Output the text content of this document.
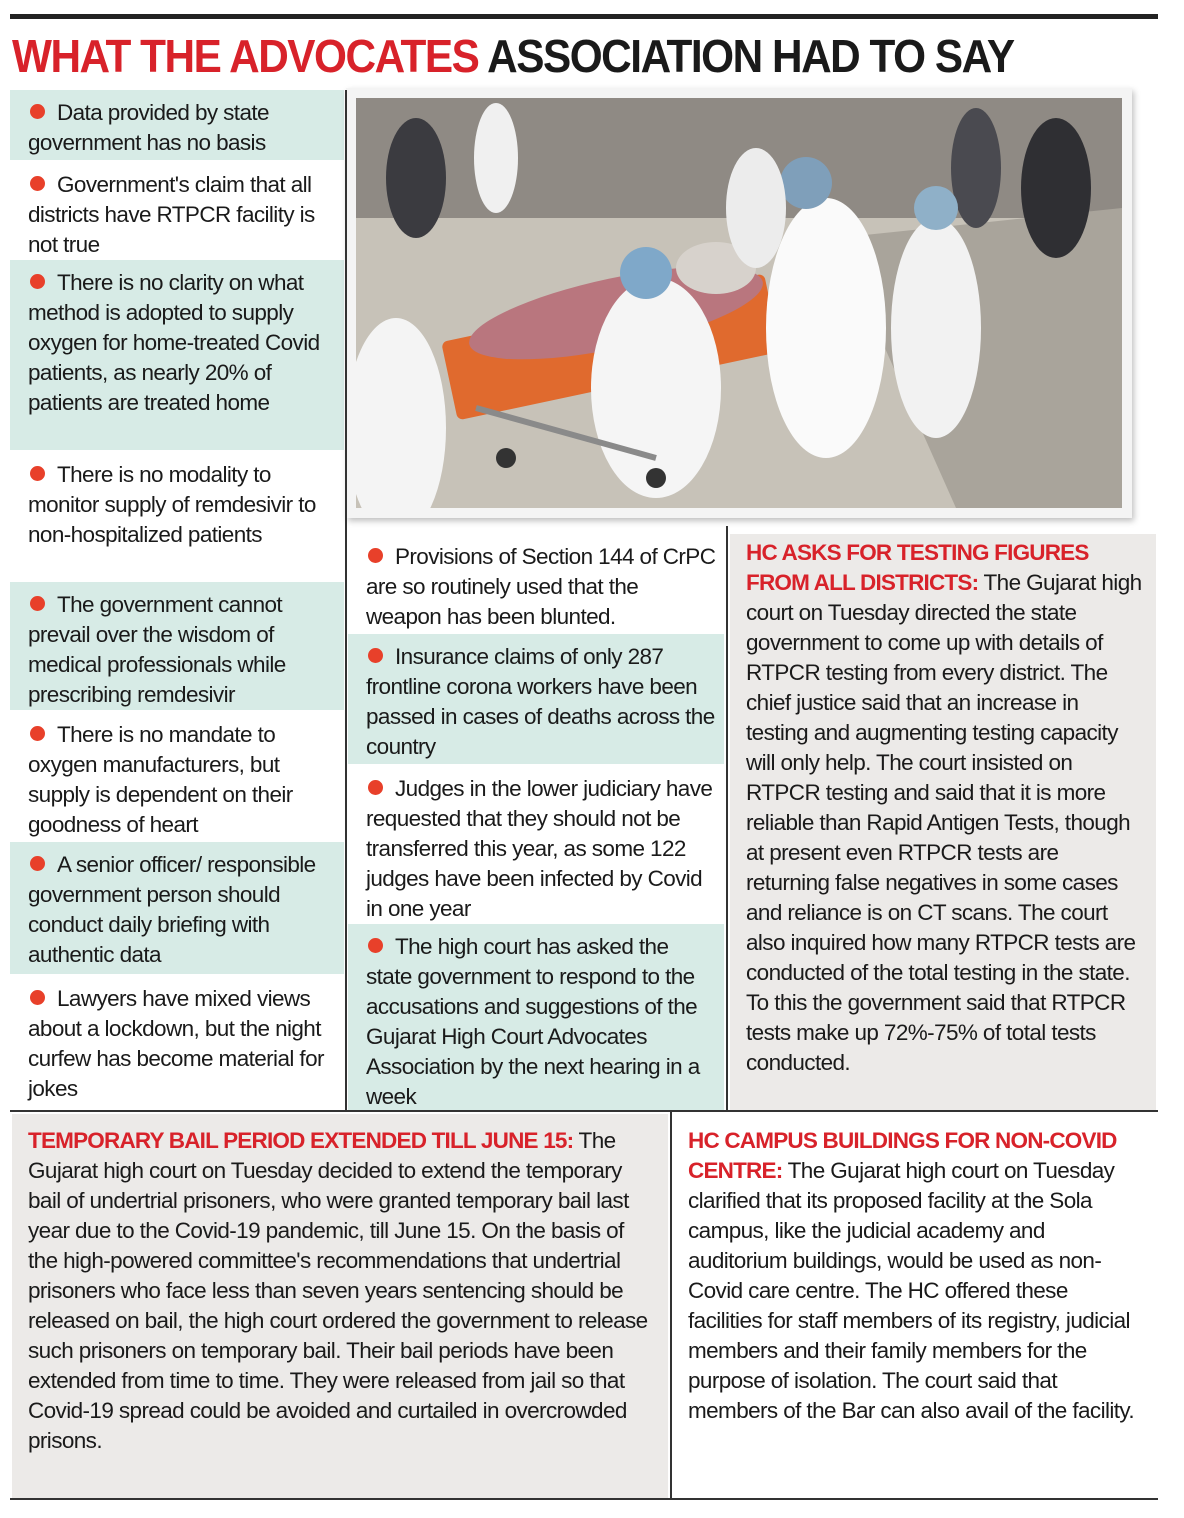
WHAT THE ADVOCATES ASSOCIATION HAD TO SAY
Data provided by state government has no basis
Government's claim that all districts have RTPCR facility is not true
There is no clarity on what method is adopted to supply oxygen for home-treated Covid patients, as nearly 20% of patients are treated home
There is no modality to monitor supply of remdesivir to non-hospitalized patients
The government cannot prevail over the wisdom of medical professionals while prescribing remdesivir
There is no mandate to oxygen manufacturers, but supply is dependent on their goodness of heart
A senior officer/ responsible government person should conduct daily briefing with authentic data
Lawyers have mixed views about a lockdown, but the night curfew has become material for jokes
Provisions of Section 144 of CrPC are so routinely used that the weapon has been blunted.
Insurance claims of only 287 frontline corona workers have been passed in cases of deaths across the country
Judges in the lower judiciary have requested that they should not be transferred this year, as some 122 judges have been infected by Covid in one year
The high court has asked the state government to respond to the accusations and suggestions of the Gujarat High Court Advocates Association by the next hearing in a week
HC ASKS FOR TESTING FIGURES FROM ALL DISTRICTS: The Gujarat high court on Tuesday directed the state government to come up with details of RTPCR testing from every district. The chief justice said that an increase in testing and augmenting testing capacity will only help. The court insisted on RTPCR testing and said that it is more reliable than Rapid Antigen Tests, though at present even RTPCR tests are returning false negatives in some cases and reliance is on CT scans. The court also inquired how many RTPCR tests are conducted of the total testing in the state. To this the government said that RTPCR tests make up 72%-75% of total tests conducted.
TEMPORARY BAIL PERIOD EXTENDED TILL JUNE 15: The Gujarat high court on Tuesday decided to extend the temporary bail of undertrial prisoners, who were granted temporary bail last year due to the Covid-19 pandemic, till June 15. On the basis of the high-powered committee's recommendations that undertrial prisoners who face less than seven years sentencing should be released on bail, the high court ordered the government to release such prisoners on temporary bail. Their bail periods have been extended from time to time. They were released from jail so that Covid-19 spread could be avoided and curtailed in overcrowded prisons.
HC CAMPUS BUILDINGS FOR NON-COVID CENTRE: The Gujarat high court on Tuesday clarified that its proposed facility at the Sola campus, like the judicial academy and auditorium buildings, would be used as non-Covid care centre. The HC offered these facilities for staff members of its registry, judicial members and their family members for the purpose of isolation. The court said that members of the Bar can also avail of the facility.
